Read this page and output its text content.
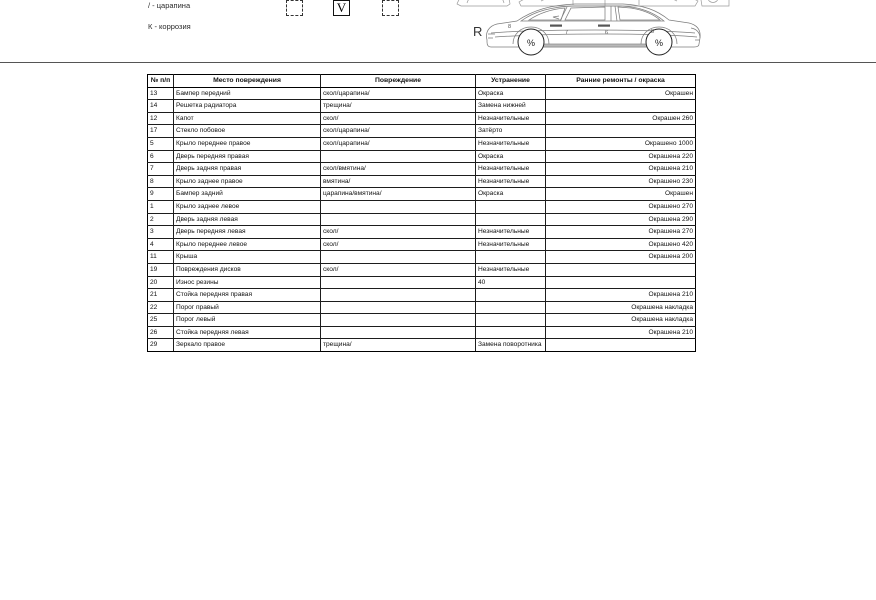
/ - царапина
К - коррозия
V
%	%
8
7	6	5
R
№ п/п	Место повреждения	Повреждение	Устранение	Ранние ремонты / окраска
13	Бампер передний	скол/царапина/	Окраска	Окрашен
14	Решетка радиатора	трещина/	Замена нижней	
12	Капот	скол/	Незначительные	Окрашен 260
17	Стекло побовое	скол/царапина/	Затёрто	
5	Крыло переднее правое	скол/царапина/	Незначительные	Окрашено 1000
6	Дверь передняя правая		Окраска	Окрашена 220
7	Дверь задняя правая	скол/вмятина/	Незначительные	Окрашена 210
8	Крыло заднее правое	вмятина/	Незначительные	Окрашено 230
9	Бампер задний	царапина/вмятина/	Окраска	Окрашен
1	Крыло заднее левое			Окрашено 270
2	Дверь задняя левая			Окрашена 290
3	Дверь передняя левая	скол/	Незначительные	Окрашена 270
4	Крыло переднее левое	скол/	Незначительные	Окрашено 420
11	Крыша			Окрашена 200
19	Повреждения дисков	скол/	Незначительные	
20	Износ резины		40	
21	Стойка передняя правая			Окрашена 210
22	Порог правый			Окрашена накладка
25	Порог левый			Окрашена накладка
26	Стойка передняя левая			Окрашена 210
29	Зеркало правое	трещина/	Замена поворотника	
